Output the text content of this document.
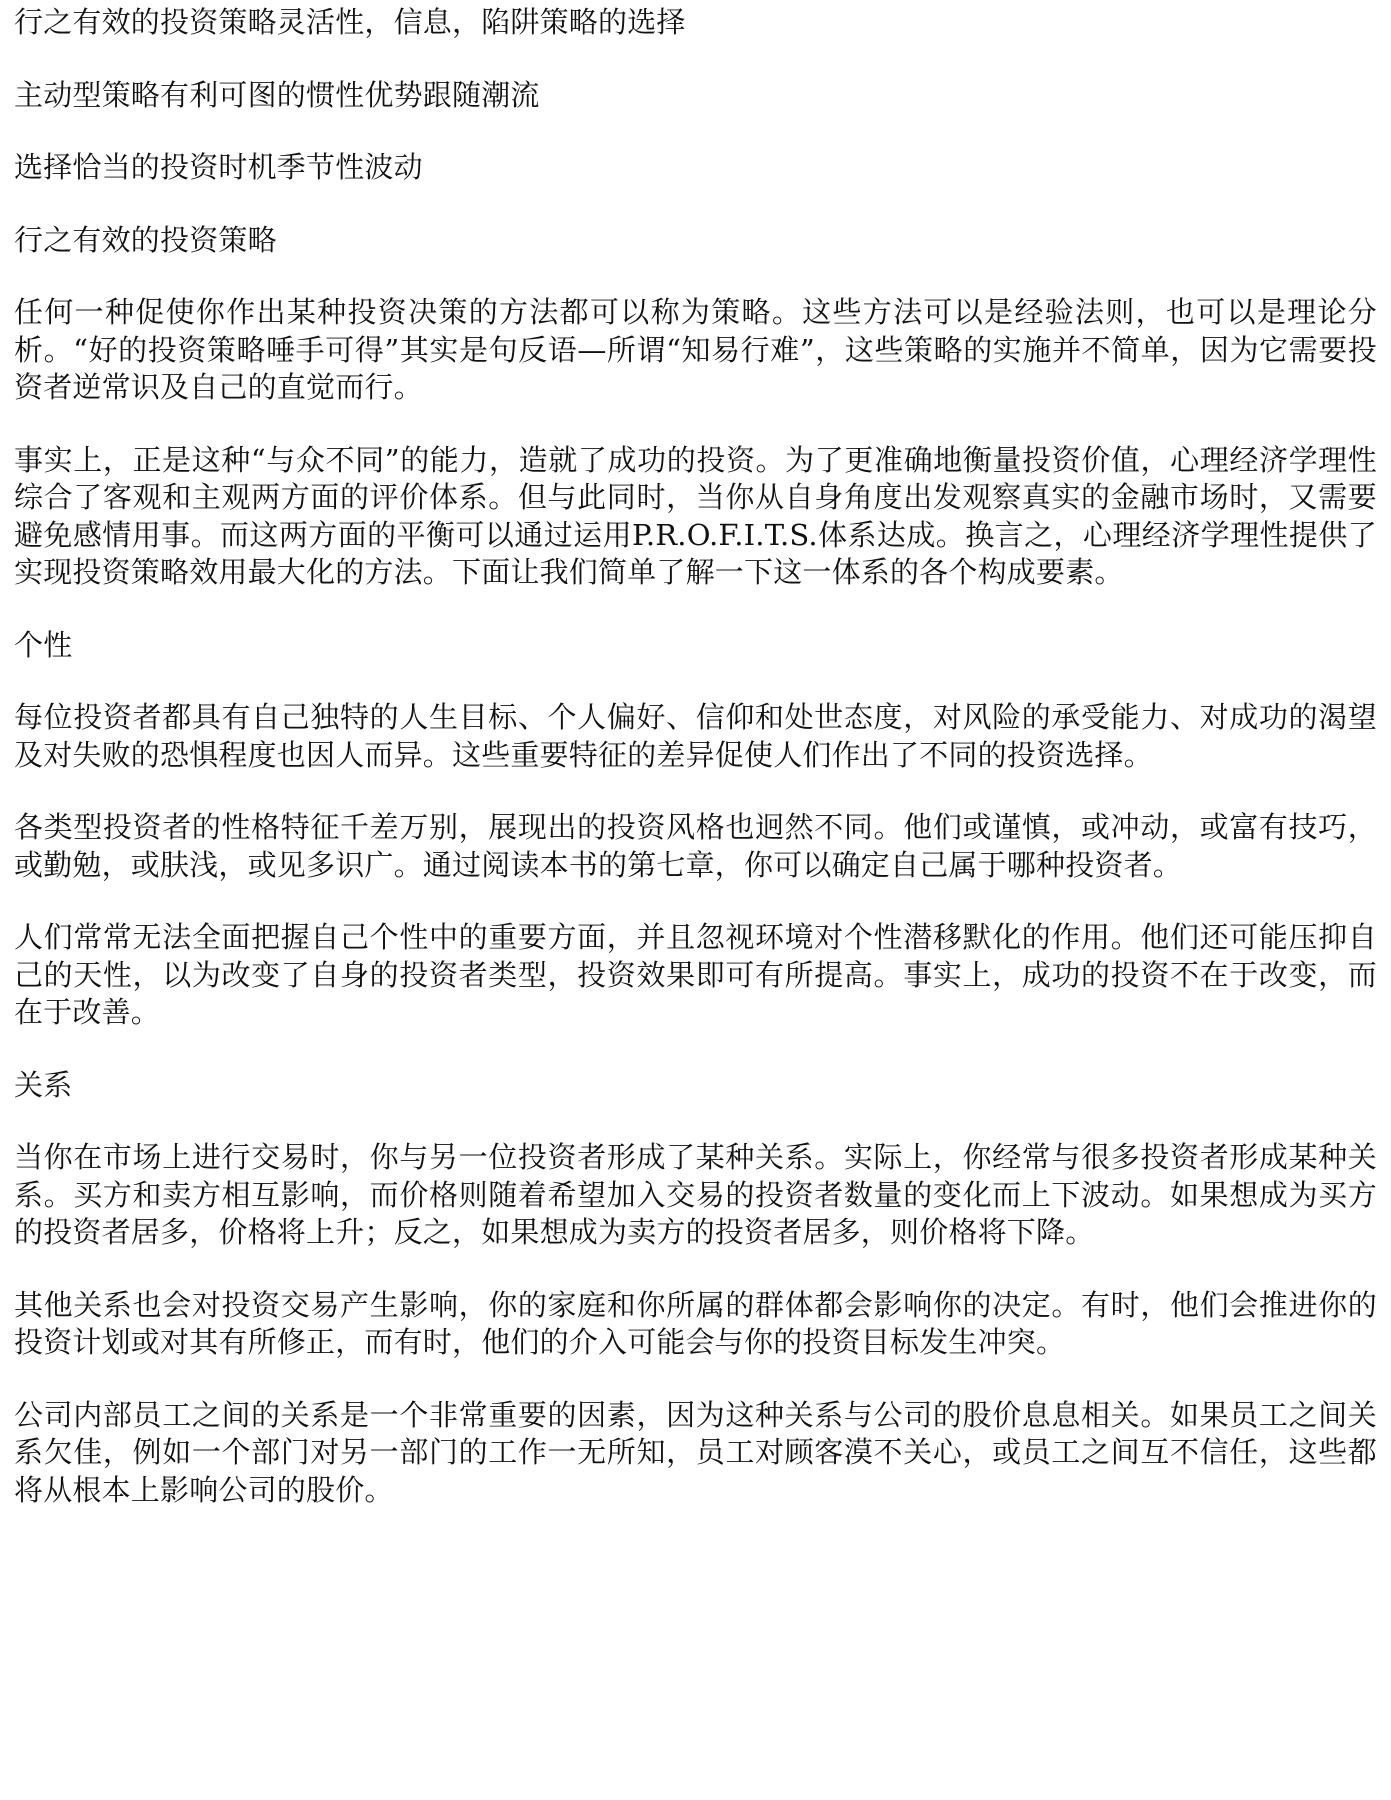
行之有效的投资策略灵活性，信息，陷阱策略的选择

主动型策略有利可图的惯性优势跟随潮流

选择恰当的投资时机季节性波动

行之有效的投资策略

任何一种促使你作出某种投资决策的方法都可以称为策略。这些方法可以是经验法则，也可以是理论分析。“好的投资策略唾手可得”其实是句反语—所谓“知易行难”，这些策略的实施并不简单，因为它需要投资者逆常识及自己的直觉而行。

事实上，正是这种“与众不同”的能力，造就了成功的投资。为了更准确地衡量投资价值，心理经济学理性综合了客观和主观两方面的评价体系。但与此同时，当你从自身角度出发观察真实的金融市场时，又需要避免感情用事。而这两方面的平衡可以通过运用P.R.O.F.I.T.S.体系达成。换言之，心理经济学理性提供了实现投资策略效用最大化的方法。下面让我们简单了解一下这一体系的各个构成要素。

个性

每位投资者都具有自己独特的人生目标、个人偏好、信仰和处世态度，对风险的承受能力、对成功的渴望及对失败的恐惧程度也因人而异。这些重要特征的差异促使人们作出了不同的投资选择。

各类型投资者的性格特征千差万别，展现出的投资风格也迥然不同。他们或谨慎，或冲动，或富有技巧，或勤勉，或肤浅，或见多识广。通过阅读本书的第七章，你可以确定自己属于哪种投资者。

人们常常无法全面把握自己个性中的重要方面，并且忽视环境对个性潜移默化的作用。他们还可能压抑自己的天性，以为改变了自身的投资者类型，投资效果即可有所提高。事实上，成功的投资不在于改变，而在于改善。

关系

当你在市场上进行交易时，你与另一位投资者形成了某种关系。实际上，你经常与很多投资者形成某种关系。买方和卖方相互影响，而价格则随着希望加入交易的投资者数量的变化而上下波动。如果想成为买方的投资者居多，价格将上升；反之，如果想成为卖方的投资者居多，则价格将下降。

其他关系也会对投资交易产生影响，你的家庭和你所属的群体都会影响你的决定。有时，他们会推进你的投资计划或对其有所修正，而有时，他们的介入可能会与你的投资目标发生冲突。

公司内部员工之间的关系是一个非常重要的因素，因为这种关系与公司的股价息息相关。如果员工之间关系欠佳，例如一个部门对另一部门的工作一无所知，员工对顾客漠不关心，或员工之间互不信任，这些都将从根本上影响公司的股价。
